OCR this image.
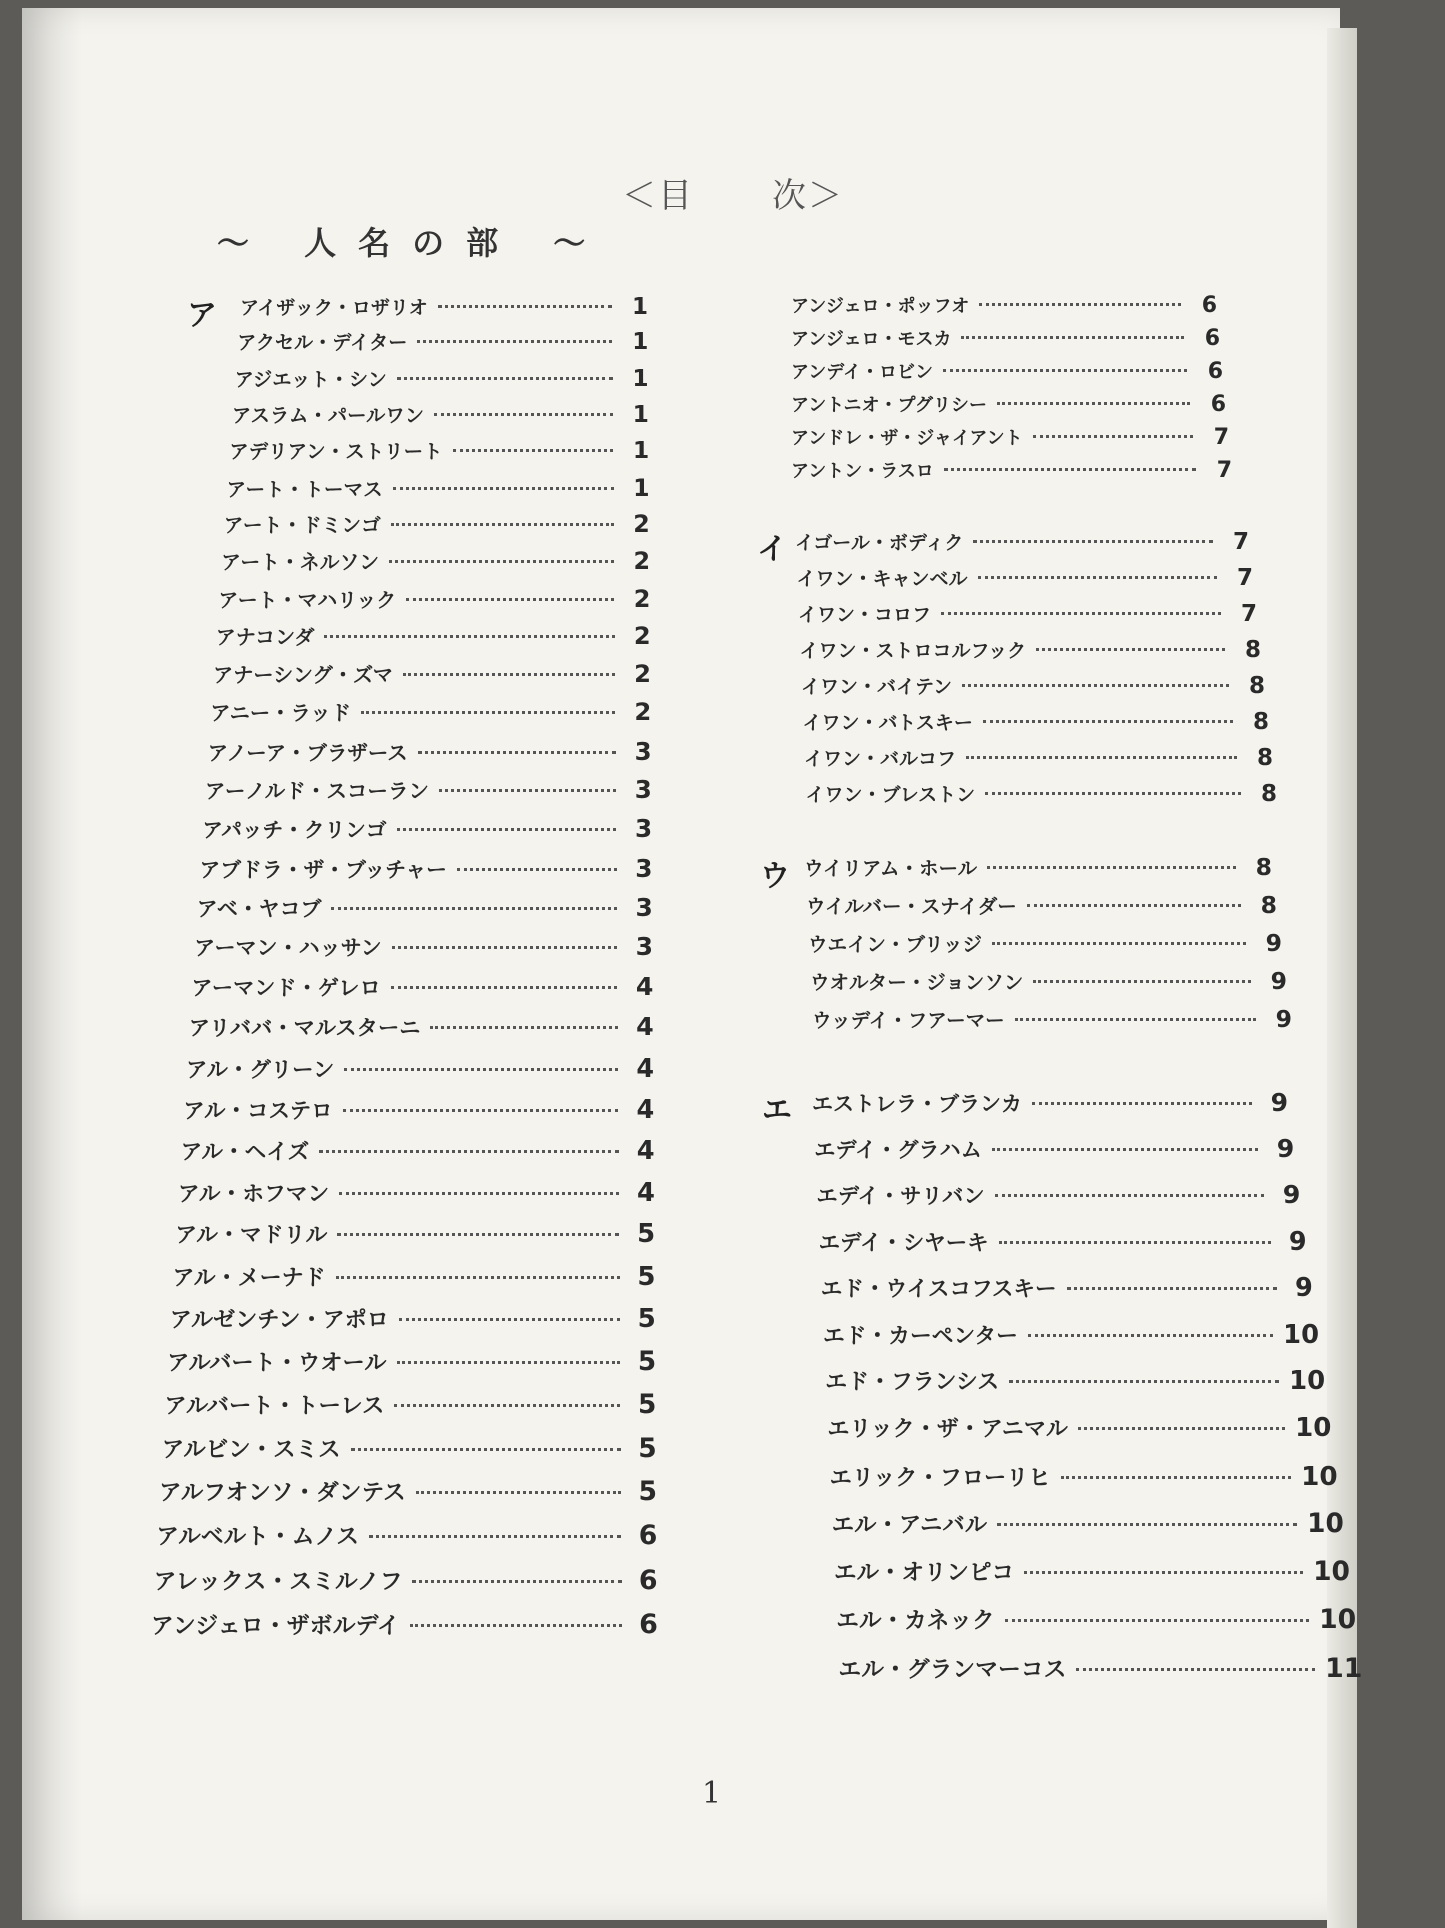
＜目 次＞
～ 人名の部 ～
1
ア アイザック・ロザリオ	1
アクセル・デイター	1
アジエット・シン	1
アスラム・パールワン	1
アデリアン・ストリート	1
アート・トーマス	1
アート・ドミンゴ	2
アート・ネルソン	2
アート・マハリック	2
アナコンダ	2
アナーシング・ズマ	2
アニー・ラッド	2
アノーア・ブラザース	3
アーノルド・スコーラン	3
アパッチ・クリンゴ	3
アブドラ・ザ・ブッチャー	3
アベ・ヤコブ	3
アーマン・ハッサン	3
アーマンド・ゲレロ	4
アリババ・マルスターニ	4
アル・グリーン	4
アル・コステロ	4
アル・ヘイズ	4
アル・ホフマン	4
アル・マドリル	5
アル・メーナド	5
アルゼンチン・アポロ	5
アルバート・ウオール	5
アルバート・トーレス	5
アルビン・スミス	5
アルフオンソ・ダンテス	5
アルベルト・ムノス	6
アレックス・スミルノフ	6
アンジェロ・ザボルデイ	6
アンジェロ・ポッフオ	6
アンジェロ・モスカ	6
アンデイ・ロビン	6
アントニオ・プグリシー	6
アンドレ・ザ・ジャイアント	7
アントン・ラスロ	7
イ イゴール・ボディク	7
イワン・キャンベル	7
イワン・コロフ	7
イワン・ストロコルフック	8
イワン・バイテン	8
イワン・バトスキー	8
イワン・バルコフ	8
イワン・ブレストン	8
ウ ウイリアム・ホール	8
ウイルバー・スナイダー	8
ウエイン・ブリッジ	9
ウオルター・ジョンソン	9
ウッデイ・フアーマー	9
エ エストレラ・ブランカ	9
エデイ・グラハム	9
エデイ・サリバン	9
エデイ・シヤーキ	9
エド・ウイスコフスキー	9
エド・カーペンター	10
エド・フランシス	10
エリック・ザ・アニマル	10
エリック・フローリヒ	10
エル・アニバル	10
エル・オリンピコ	10
エル・カネック	10
エル・グランマーコス	11
